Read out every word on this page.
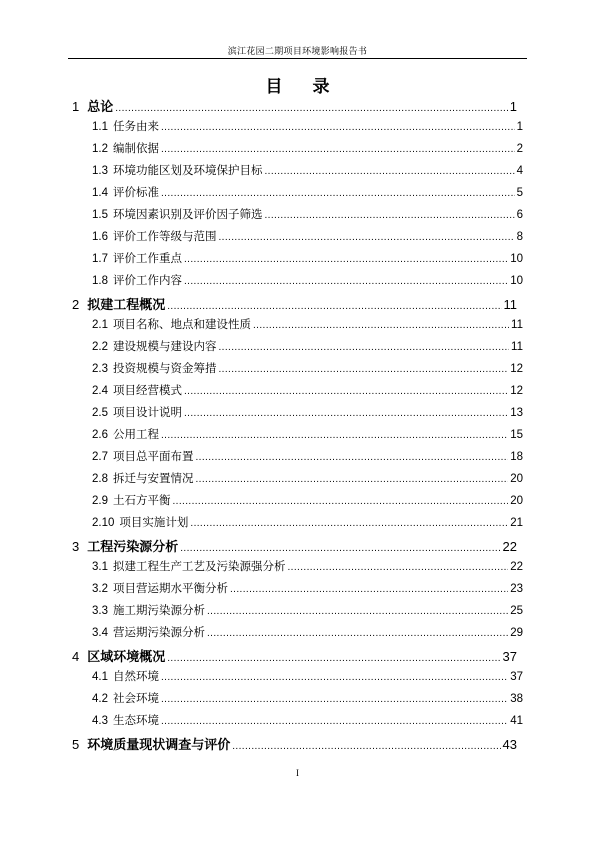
滨江花园二期项目环境影响报告书
目录
1 总论 .....	1
1.1 任务由来 .....	1
1.2 编制依据 .....	2
1.3 环境功能区划及环境保护目标 .....	4
1.4 评价标准 .....	5
1.5 环境因素识别及评价因子筛选 .....	6
1.6 评价工作等级与范围 .....	8
1.7 评价工作重点 .....	10
1.8 评价工作内容 .....	10
2 拟建工程概况 .....	11
2.1 项目名称、地点和建设性质 .....	11
2.2 建设规模与建设内容 .....	11
2.3 投资规模与资金筹措 .....	12
2.4 项目经营模式 .....	12
2.5 项目设计说明 .....	13
2.6 公用工程 .....	15
2.7 项目总平面布置 .....	18
2.8 拆迁与安置情况 .....	20
2.9 土石方平衡 .....	20
2.10 项目实施计划 .....	21
3 工程污染源分析 .....	22
3.1 拟建工程生产工艺及污染源强分析 .....	22
3.2 项目营运期水平衡分析 .....	23
3.3 施工期污染源分析 .....	25
3.4 营运期污染源分析 .....	29
4 区域环境概况 .....	37
4.1 自然环境 .....	37
4.2 社会环境 .....	38
4.3 生态环境 .....	41
5 环境质量现状调查与评价 .....	43
I
